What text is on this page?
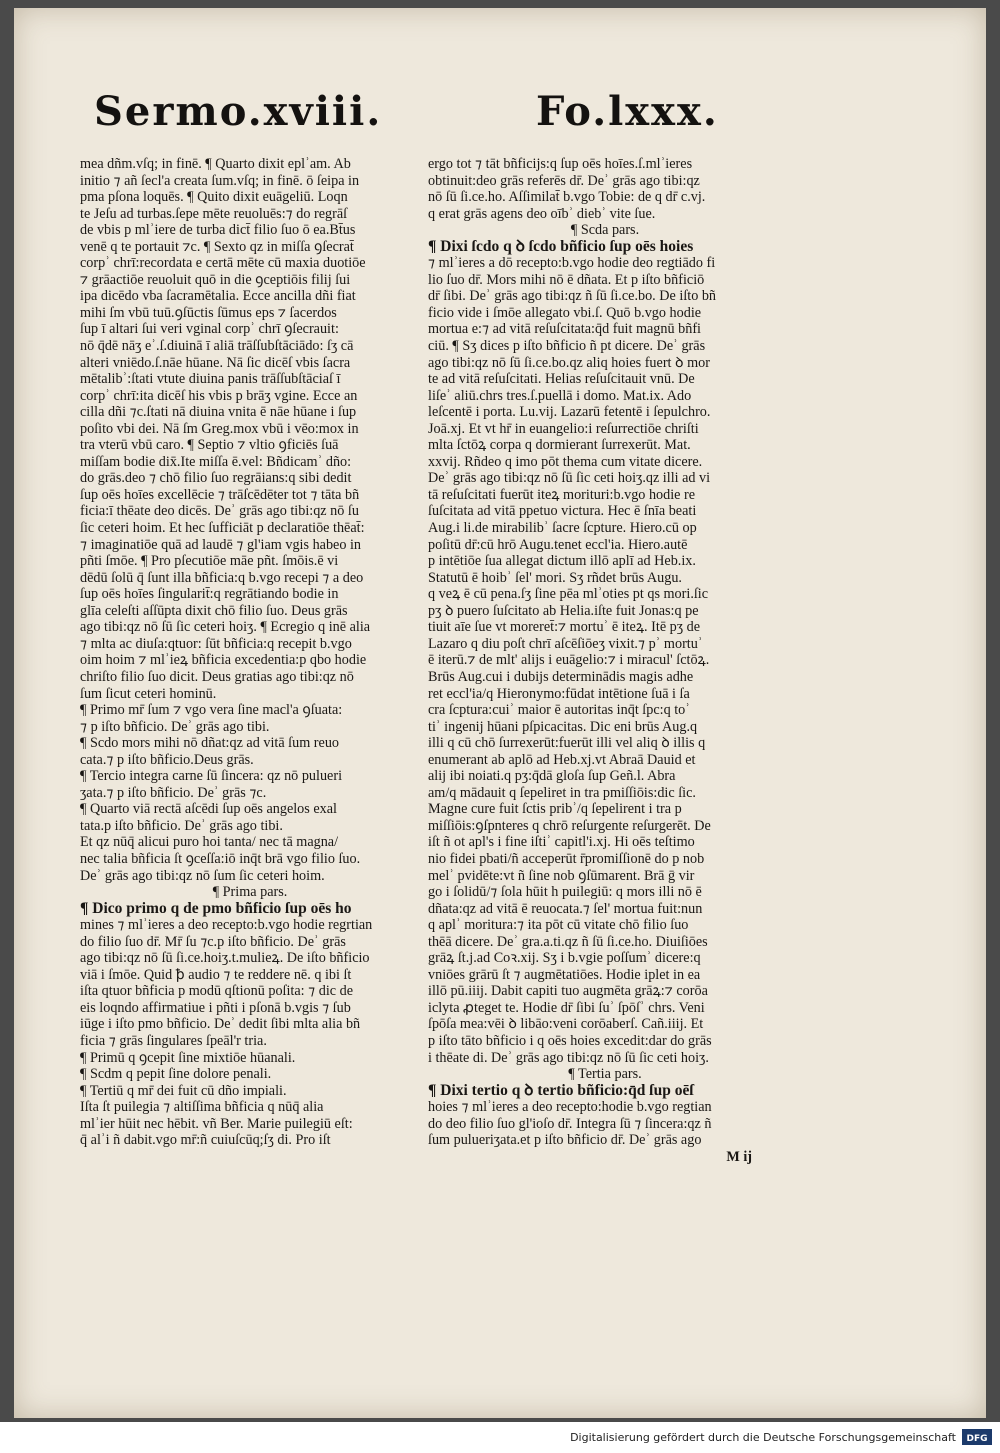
Sermo.xviii.	Fo.lxxx.
mea dñm.vſq; in finē. ¶ Quarto dixit eplʾam. Ab
initio ⁊ añ ſecl'a creata ſum.vſq; in finē. ō ſeipa in
pma pſona loquēs. ¶ Quito dixit euāgeliū. Loqn
te Jeſu ad turbas.ſepe mēte reuoluēs:⁊ do regrāſ
de vbis p mlʾiere de turba dict̄ filio ſuo ō ea.Bt̄us
venē q te portauit ⁊c. ¶ Sexto qz in miſſa ꝯſecrat̄
corpʾ chrī:recordata e certā mēte cū maxia duotiōe
⁊ grāactiōe reuoluit quō in die ꝯceptiōis filij ſui
ipa dicēdo vba ſacramētalia. Ecce ancilla dñi fiat
mihi ſm vbū tuū.ꝯſūctis ſūmus eps ⁊ ſacerdos
ſup ī altari ſui veri vginal corpʾ chrī ꝯſecrauit:
nō q̄dē nāʒ eʾ.ſ.diuinā ī aliā trāſſubſtāciādo: ſʒ cā
alteri vniēdo.ſ.nāe hūane. Nā ſic dicēſ vbis ſacra
mētalibʾ:ſtati vtute diuina panis trāſſubſtāciaſ ī
corpʾ chrī:ita dicēſ his vbis p brāʒ vgine. Ecce an
cilla dñi ⁊c.ſtati nā diuina vnita ē nāe hūane i ſup
poſito vbi dei. Nā ſm Greg.mox vbū i vēo:mox in
tra vterū vbū caro. ¶ Septio ⁊ vltio ꝯficiēs ſuā
miſſam bodie dix̄.Ite miſſa ē.vel: Bñdicamʾ dño:
do grās.deo ⁊ chō filio ſuo regrāians:q sibi dedit
ſup oēs hoīes excellēcie ⁊ trāſcēdēter tot ⁊ tāta bñ
ficia:ī thēate deo dicēs. Deʾ grās ago tibi:qz nō ſu
ſic ceteri hoim. Et hec ſufficiāt p declaratiōe thēat̄:
⁊ imaginatiōe quā ad laudē ⁊ gl'iam vgis habeo in
pñti ſmōe. ¶ Pro pſecutiōe māe pñt. ſmōis.ē vi
dēdū ſolū q̄ ſunt illa bñficia:q b.vgo recepi ⁊ a deo
ſup oēs hoīes ſingularit̄:q regrātiando bodie in
glīa celeſti aſſūpta dixit chō filio ſuo. Deus grās
ago tibi:qz nō ſū ſic ceteri hoiʒ. ¶ Ecregio q inē alia
⁊ mlta ac diuſa:qtuor: ſūt bñficia:q recepit b.vgo
oim hoim ⁊ mlʾieꝝ bñficia excedentia:p qbo hodie
chriſto filio ſuo dicit. Deus gratias ago tibi:qz nō
ſum ſicut ceteri hominū.
¶ Primo mr̄ ſum ⁊ vgo vera ſine macl'a ꝯſuata:
⁊ p iſto bñficio. Deʾ grās ago tibi.
¶ Scdo mors mihi nō dñat:qz ad vitā ſum reuo
cata.⁊ p iſto bñficio.Deus grās.
¶ Tercio integra carne ſū ſincera: qz nō pulueri
ʒata.⁊ p iſto bñficio. Deʾ grās ⁊c.
¶ Quarto viā rectā aſcēdi ſup oēs angelos exal
tata.p iſto bñficio. Deʾ grās ago tibi.
Et qz nūq̄ alicui puro hoi tanta/ nec tā magna/
nec talia bñficia ſt ꝯceſſa:iō inq̄t brā vgo filio ſuo.
Deʾ grās ago tibi:qz nō ſum ſic ceteri hoim.
¶ Prima pars.
¶ Dico primo q de pmo bñficio ſup oēs ho
mines ⁊ mlʾieres a deo recepto:b.vgo hodie regrtian
do filio ſuo dr̄. Mr̄ ſu ⁊c.p iſto bñficio. Deʾ grās
ago tibi:qz nō ſū ſi.ce.hoiʒ.t.mulieꝝ. De iſto bñficio
viā i ſmōe. Quid ꝥ audio ⁊ te reddere nē. q ibi ſt
iſta qtuor bñficia p modū qſtionū poſita: ⁊ dic de
eis loqndo affirmatiue i pñti i pſonā b.vgis ⁊ ſub
iūge i iſto pmo bñficio. Deʾ dedit ſibi mlta alia bñ
ficia ⁊ grās ſingulares ſpeāl'r tria.
¶ Primū q ꝯcepit ſine mixtiōe hūanali.
¶ Scdm q pepit ſine dolore penali.
¶ Tertiū q mr̄ dei fuit cū dño impiali.
Iſta ſt puilegia ⁊ altiſſima bñficia q nūq̄ alia
mlʾier hūit nec hēbit. vñ Ber. Marie puilegiū eſt:
q̄ alʾi ñ dabit.vgo mr̄:ñ cuiuſcūq;ſʒ di. Pro iſt
ergo tot ⁊ tāt bñficijs:q ſup oēs hoīes.ſ.mlʾieres
obtinuit:deo grās referēs dr̄. Deʾ grās ago tibi:qz
nō ſū ſi.ce.ho. Aſſimilat̄ b.vgo Tobie: de q dr̄ c.vj.
q erat grās agens deo oībʾ diebʾ vite ſue.
¶ Scda pars.
¶ Dixi ſcdo q ꝺ ſcdo bñficio ſup oēs hoies
⁊ mlʾieres a dō recepto:b.vgo hodie deo regtiādo fi
lio ſuo dr̄. Mors mihi nō ē dñata. Et p iſto bñficiō
dr̄ ſibi. Deʾ grās ago tibi:qz ñ ſū ſi.ce.bo. De iſto bñ
ficio vide i ſmōe allegato vbi.ſ. Quō b.vgo hodie
mortua e:⁊ ad vitā reſuſcitata:q̄d fuit magnū bñfi
ciū. ¶ Sʒ dices p iſto bñficio ñ pt dicere. Deʾ grās
ago tibi:qz nō ſū ſi.ce.bo.qz aliq hoies fuert ꝺ mor
te ad vitā reſuſcitati. Helias reſuſcitauit vnū. De
liſeʾ aliū.chrs tres.ſ.puellā i domo. Mat.ix. Ado
leſcentē i porta. Lu.vij. Lazarū fetentē i ſepulchro.
Joā.xj. Et vt hr̄ in euangelio:i reſurrectiōe chriſti
mlta ſctōꝝ corpa q dormierant ſurrexerūt. Mat.
xxvij. Rñdeo q imo pōt thema cum vitate dicere.
Deʾ grās ago tibi:qz nō ſū ſic ceti hoiʒ.qz illi ad vi
tā reſuſcitati fuerūt iteꝝ morituri:b.vgo hodie re
ſuſcitata ad vitā ppetuo victura. Hec ē ſnīa beati
Aug.i li.de mirabilibʾ ſacre ſcpture. Hiero.cū op
poſitū dr̄:cū hrō Augu.tenet eccl'ia. Hiero.autē
p intētiōe ſua allegat dictum illō aplī ad Heb.ix.
Statutū ē hoibʾ ſel' mori. Sʒ rñdet brūs Augu.
q veꝝ ē cū pena.ſʒ ſine pēa mlʾoties pt qs mori.ſic
pʒ ꝺ puero ſuſcitato ab Helia.iſte fuit Jonas:q pe
tiuit aīe ſue vt moreret̄:⁊ mortuʾ ē iteꝝ. Itē pʒ de
Lazaro q diu poſt chrī aſcēſiōeʒ vixit.⁊ pʾ mortuʾ
ē iterū.⁊ de mlt' alijs i euāgelio:⁊ i miracul' ſctōꝝ.
Brūs Aug.cui i dubijs determinādis magis adhe
ret eccl'ia/q Hieronymo:fūdat intētione ſuā i ſa
cra ſcptura:cuiʾ maior ē autoritas inq̄t ſpc:q toʾ
tiʾ ingenij hūani pſpicacitas. Dic eni brūs Aug.q
illi q cū chō ſurrexerūt:fuerūt illi vel aliq ꝺ illis q
enumerant ab aplō ad Heb.xj.vt Abraā Dauid et
alij ibi noiati.q pʒ:q̄dā gloſa ſup Geñ.l. Abra
am/q mādauit q ſepeliret in tra pmiſſiōis:dic ſic.
Magne cure fuit ſctis pribʾ/q ſepelirent i tra p
miſſiōis:ꝯſpnteres q chrō reſurgente reſurgerēt. De
iſt ñ ot apl's i fine iſtiʾ capitl'i.xj. Hi oēs teſtimo
nio fidei pbati/ñ acceperūt r̄promiſſionē do p nob
melʾ pvidēte:vt ñ ſine nob ꝯſūmarent. Brā ḡ vir
go i ſolidū/⁊ ſola hūit h puilegiū: q mors illi nō ē
dñata:qz ad vitā ē reuocata.⁊ ſel' mortua fuit:nun
q aplʾ moritura:⁊ ita pōt cū vitate chō filio ſuo
thēā dicere. Deʾ gra.a.ti.qz ñ ſū ſi.ce.ho. Diuiſiōes
grāꝝ ſt.j.ad Coꝛ.xij. Sʒ i b.vgie poſſumʾ dicere:q
vniōes grārū ſt ⁊ augmētatiōes. Hodie iplet in ea
illō pū.iiij. Dabit capiti tuo augmēta grāꝝ:⁊ corōa
iclyta ꝓteget te. Hodie dr̄ ſibi ſuʾ ſpōſʾ chrs. Veni
ſpōſa mea:vēi ꝺ libāo:veni corōaberſ. Cañ.iiij. Et
p iſto tāto bñficio i q oēs hoies excedit:dar do grās
i thēate di. Deʾ grās ago tibi:qz nō ſū ſic ceti hoiʒ.
¶ Tertia pars.
¶ Dixi tertio q ꝺ tertio bñficio:q̄d ſup oēſ
hoies ⁊ mlʾieres a deo recepto:hodie b.vgo regtian
do deo filio ſuo gl'ioſo dr̄. Integra ſū ⁊ ſincera:qz ñ
ſum pulueriʒata.et p iſto bñficio dr̄. Deʾ grās ago
M ij
Digitalisierung gefördert durch die Deutsche Forschungsgemeinschaft DFG
